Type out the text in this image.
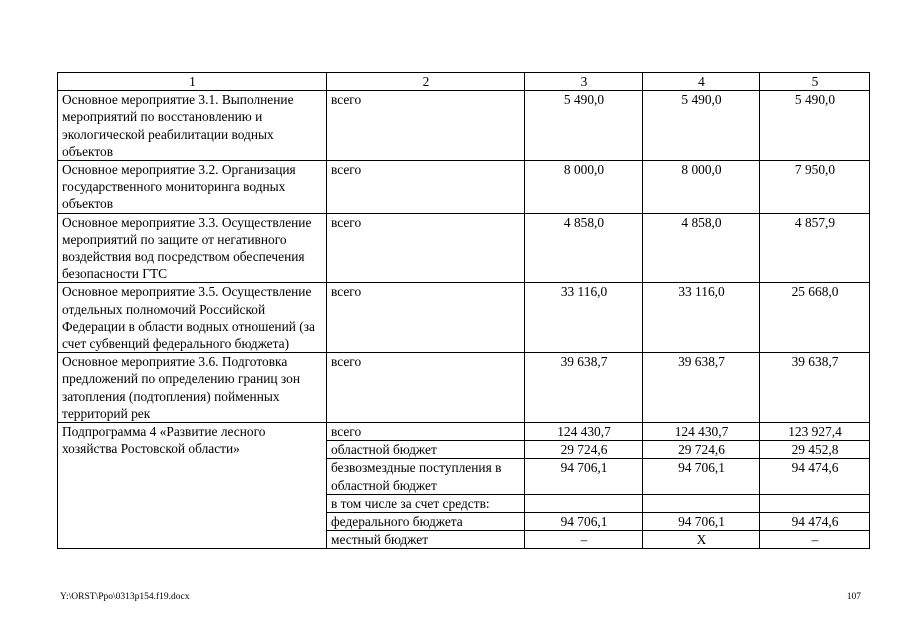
1	2	3	4	5
Основное мероприятие 3.1. Выполнение мероприятий по восстановлению и экологической реабилитации водных объектов	всего	5 490,0	5 490,0	5 490,0
Основное мероприятие 3.2. Организация государственного мониторинга водных объектов	всего	8 000,0	8 000,0	7 950,0
Основное мероприятие 3.3. Осуществление мероприятий по защите от негативного воздействия вод посредством обеспечения безопасности ГТС	всего	4 858,0	4 858,0	4 857,9
Основное мероприятие 3.5. Осуществление отдельных полномочий Российской Федерации в области водных отношений (за счет субвенций федерального бюджета)	всего	33 116,0	33 116,0	25 668,0
Основное мероприятие 3.6. Подготовка предложений по определению границ зон затопления (подтопления) пойменных территорий рек	всего	39 638,7	39 638,7	39 638,7
Подпрограмма 4 «Развитие лесного хозяйства Ростовской области»	всего	124 430,7	124 430,7	123 927,4
	областной бюджет	29 724,6	29 724,6	29 452,8
	безвозмездные поступления в областной бюджет	94 706,1	94 706,1	94 474,6
	в том числе за счет средств:			
	федерального бюджета	94 706,1	94 706,1	94 474,6
	местный бюджет	–	Х	–
Y:\ORST\Ppo\0313p154.f19.docx	107
